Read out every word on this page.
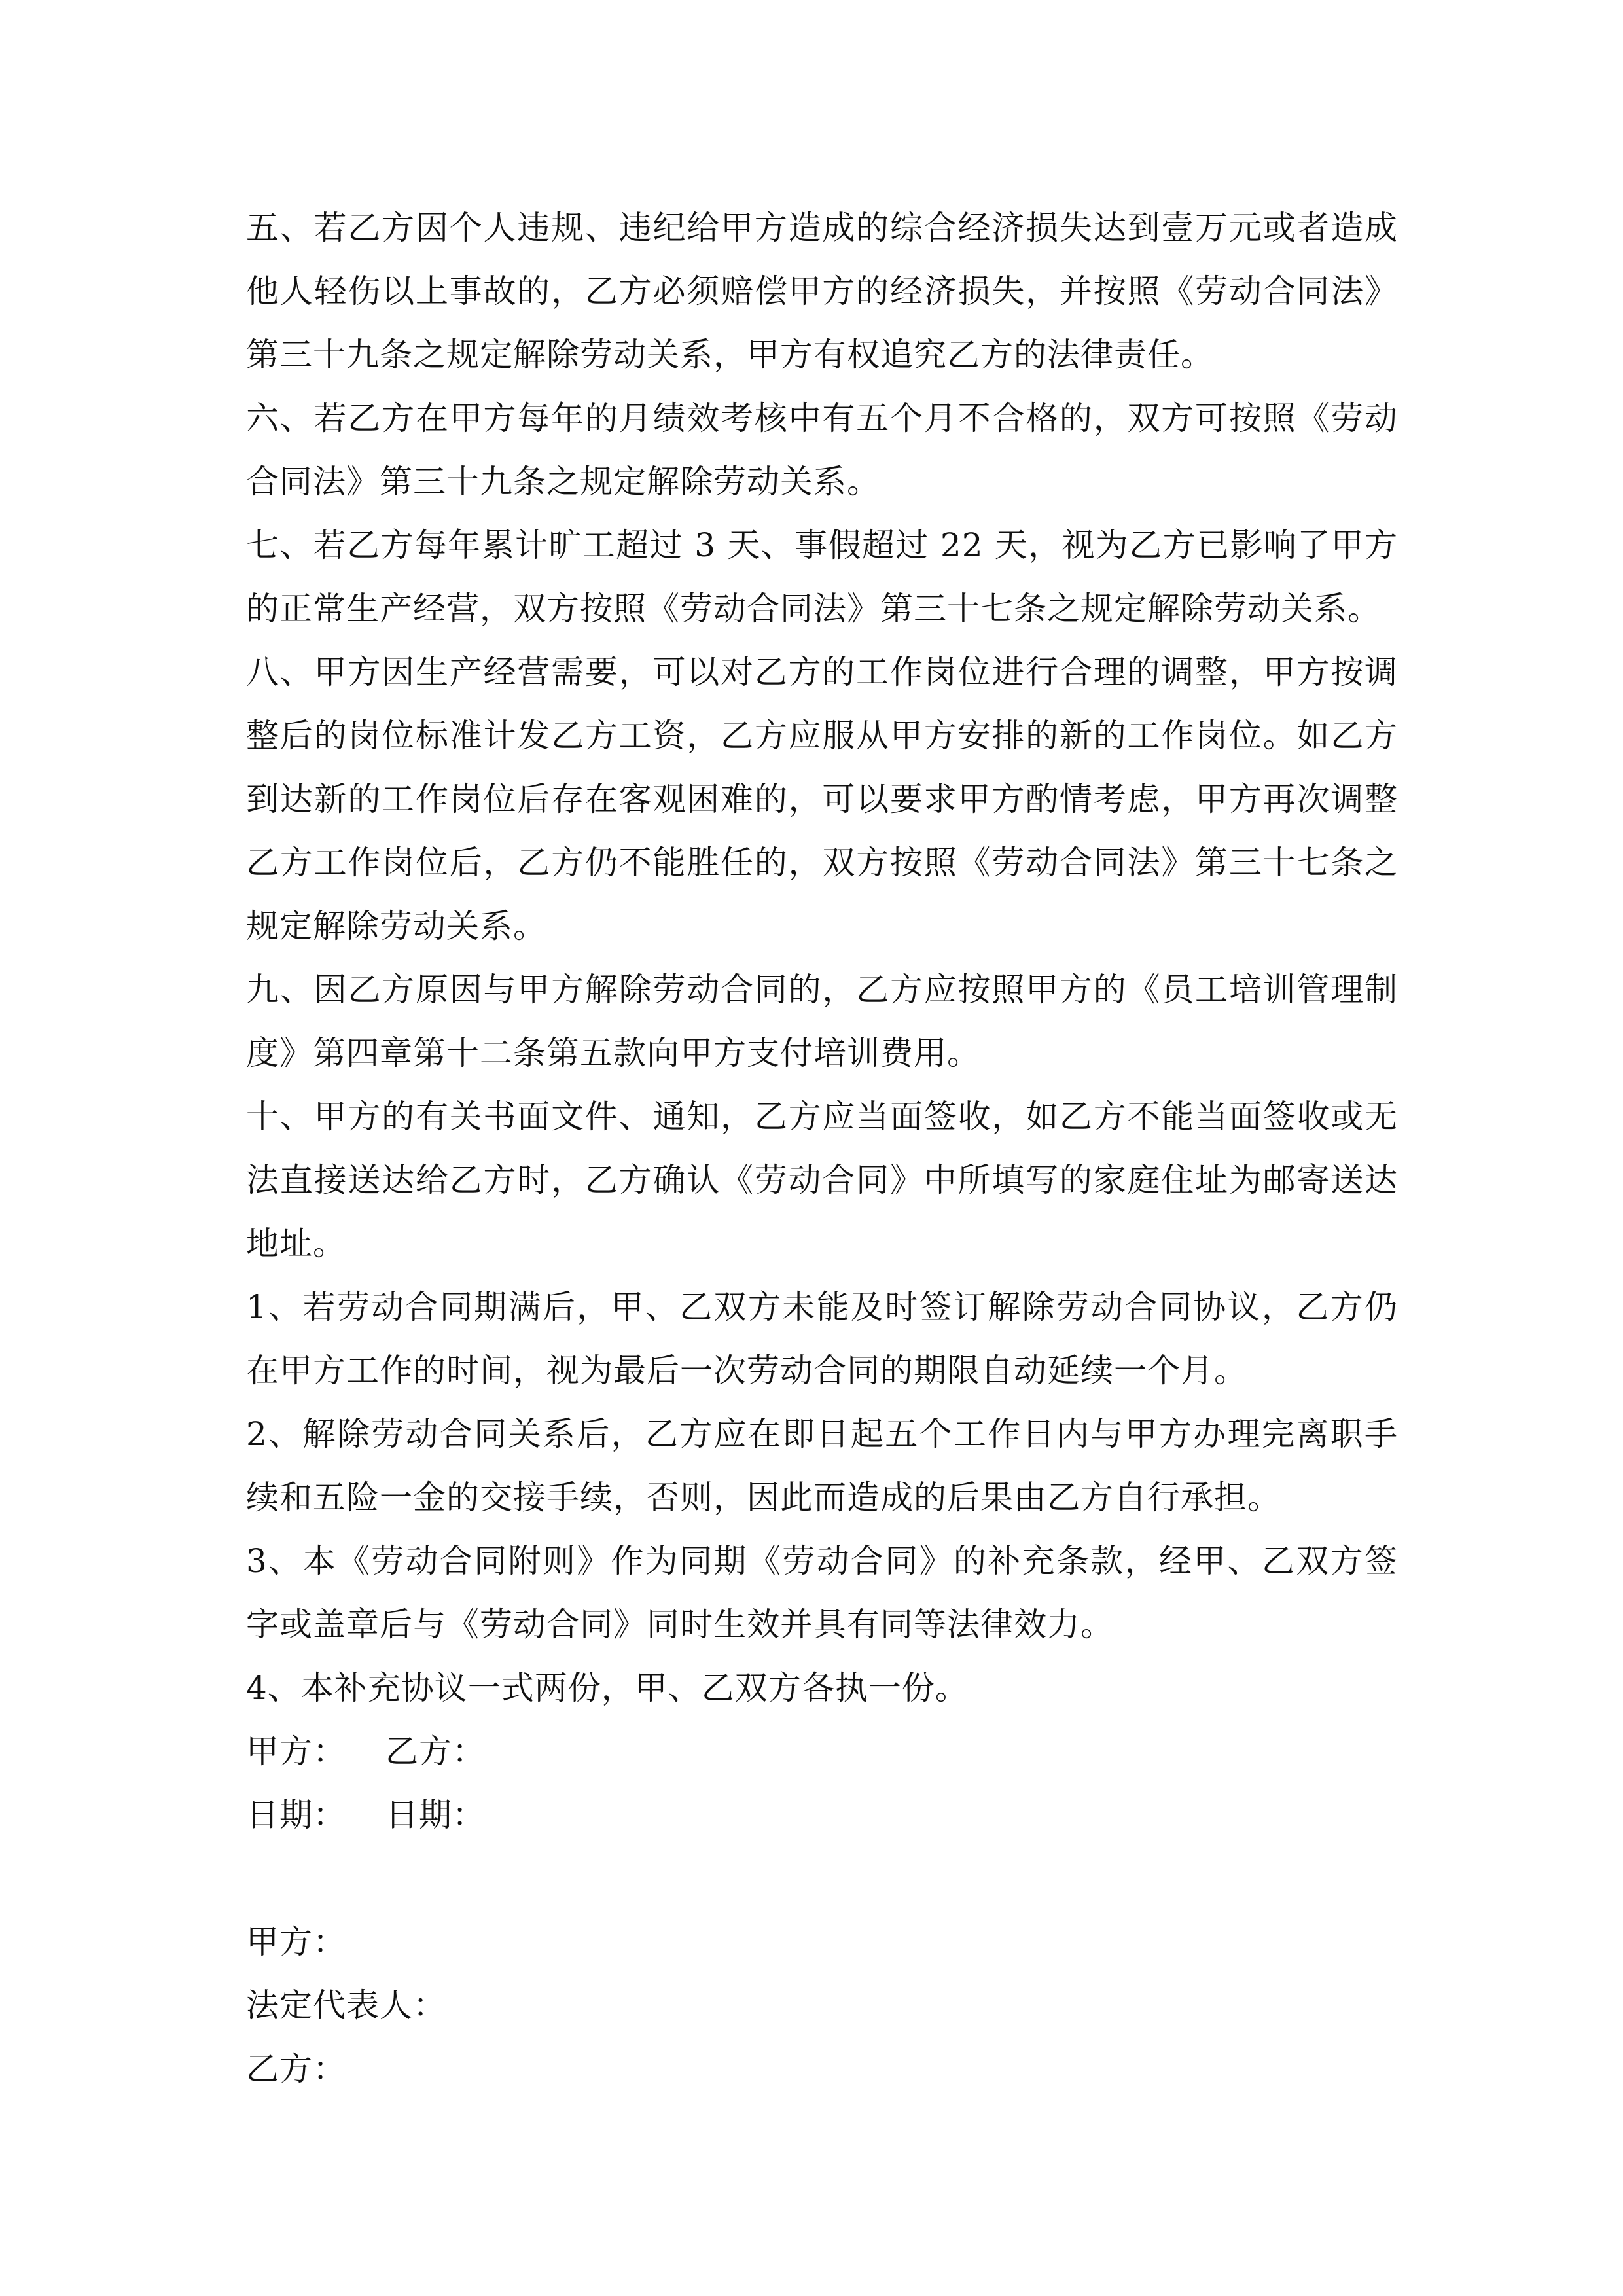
五、若乙方因个人违规、违纪给甲方造成的综合经济损失达到壹万元或者造成他人轻伤以上事故的，乙方必须赔偿甲方的经济损失，并按照《劳动合同法》第三十九条之规定解除劳动关系，甲方有权追究乙方的法律责任。

六、若乙方在甲方每年的月绩效考核中有五个月不合格的，双方可按照《劳动合同法》第三十九条之规定解除劳动关系。

七、若乙方每年累计旷工超过 3 天、事假超过 22 天，视为乙方已影响了甲方的正常生产经营，双方按照《劳动合同法》第三十七条之规定解除劳动关系。

八、甲方因生产经营需要，可以对乙方的工作岗位进行合理的调整，甲方按调整后的岗位标准计发乙方工资，乙方应服从甲方安排的新的工作岗位。如乙方到达新的工作岗位后存在客观困难的，可以要求甲方酌情考虑，甲方再次调整乙方工作岗位后，乙方仍不能胜任的，双方按照《劳动合同法》第三十七条之规定解除劳动关系。

九、因乙方原因与甲方解除劳动合同的，乙方应按照甲方的《员工培训管理制度》第四章第十二条第五款向甲方支付培训费用。

十、甲方的有关书面文件、通知，乙方应当面签收，如乙方不能当面签收或无法直接送达给乙方时，乙方确认《劳动合同》中所填写的家庭住址为邮寄送达地址。

1、若劳动合同期满后，甲、乙双方未能及时签订解除劳动合同协议，乙方仍 在甲方工作的时间，视为最后一次劳动合同的期限自动延续一个月。

2、解除劳动合同关系后，乙方应在即日起五个工作日内与甲方办理完离职手续和五险一金的交接手续，否则，因此而造成的后果由乙方自行承担。

3、本《劳动合同附则》作为同期《劳动合同》的补充条款，经甲、乙双方签字或盖章后与《劳动合同》同时生效并具有同等法律效力。

4、本补充协议一式两份，甲、乙双方各执一份。

甲方： 乙方：
日期： 日期：

甲方：

法定代表人：

乙方：
